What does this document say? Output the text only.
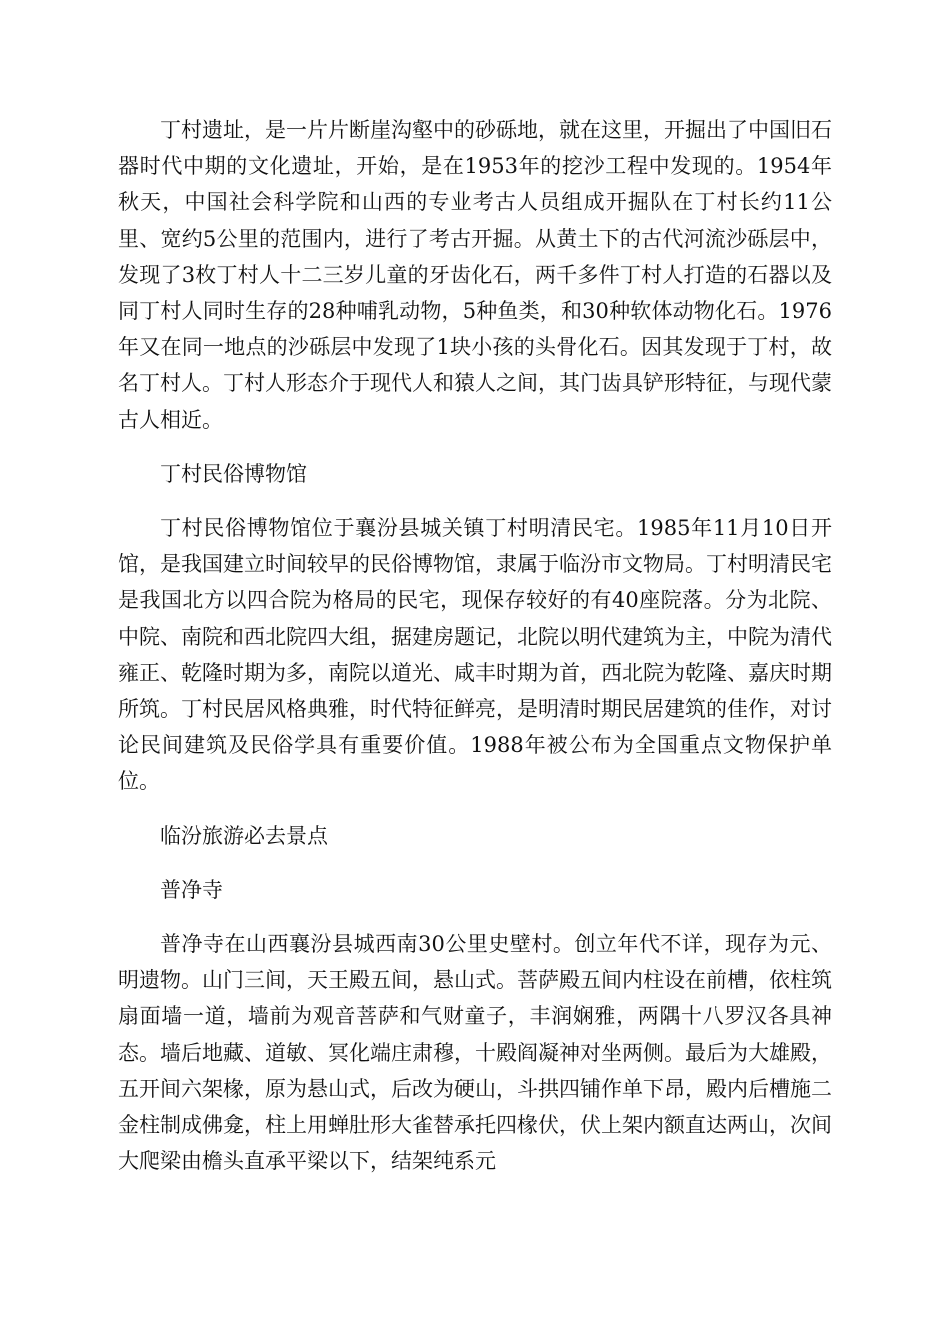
丁村遗址，是一片片断崖沟壑中的砂砾地，就在这里，开掘出了中国旧石器时代中期的文化遗址，开始，是在1953年的挖沙工程中发现的。1954年秋天，中国社会科学院和山西的专业考古人员组成开掘队在丁村长约11公里、宽约5公里的范围内，进行了考古开掘。从黄土下的古代河流沙砾层中，发现了3枚丁村人十二三岁儿童的牙齿化石，两千多件丁村人打造的石器以及同丁村人同时生存的28种哺乳动物，5种鱼类，和30种软体动物化石。1976年又在同一地点的沙砾层中发现了1块小孩的头骨化石。因其发现于丁村，故名丁村人。丁村人形态介于现代人和猿人之间，其门齿具铲形特征，与现代蒙古人相近。

丁村民俗博物馆

丁村民俗博物馆位于襄汾县城关镇丁村明清民宅。1985年11月10日开馆，是我国建立时间较早的民俗博物馆，隶属于临汾市文物局。丁村明清民宅是我国北方以四合院为格局的民宅，现保存较好的有40座院落。分为北院、中院、南院和西北院四大组，据建房题记，北院以明代建筑为主，中院为清代雍正、乾隆时期为多，南院以道光、咸丰时期为首，西北院为乾隆、嘉庆时期所筑。丁村民居风格典雅，时代特征鲜亮，是明清时期民居建筑的佳作，对讨论民间建筑及民俗学具有重要价值。1988年被公布为全国重点文物保护单位。

临汾旅游必去景点

普净寺

普净寺在山西襄汾县城西南30公里史壁村。创立年代不详，现存为元、明遗物。山门三间，天王殿五间，悬山式。菩萨殿五间内柱设在前槽，依柱筑扇面墙一道，墙前为观音菩萨和气财童子，丰润娴雅，两隅十八罗汉各具神态。墙后地藏、道敏、冥化端庄肃穆，十殿阎凝神对坐两侧。最后为大雄殿，五开间六架椽，原为悬山式，后改为硬山，斗拱四铺作单下昂，殿内后槽施二金柱制成佛龛，柱上用蝉肚形大雀替承托四椽伏，伏上架内额直达两山，次间大爬梁由檐头直承平梁以下，结架纯系元
